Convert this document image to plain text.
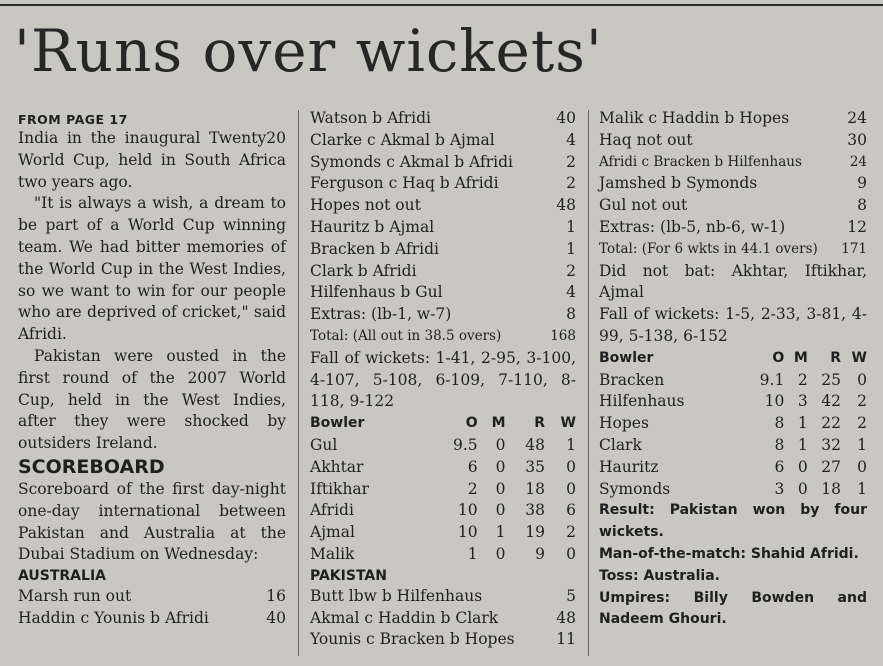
'Runs over wickets'
FROM PAGE 17

India in the inaugural Twenty20 World Cup, held in South Africa two years ago.

"It is always a wish, a dream to be part of a World Cup winning team. We had bitter memories of the World Cup in the West Indies, so we want to win for our people who are deprived of cricket," said Afridi.

Pakistan were ousted in the first round of the 2007 World Cup, held in the West Indies, after they were shocked by outsiders Ireland.

SCOREBOARD

Scoreboard of the first day-night one-day international between Pakistan and Australia at the Dubai Stadium on Wednesday:

AUSTRALIA
Marsh run out	16
Haddin c Younis b Afridi	40
Watson b Afridi	40
Clarke c Akmal b Ajmal	4
Symonds c Akmal b Afridi	2
Ferguson c Haq b Afridi	2
Hopes not out	48
Hauritz b Ajmal	1
Bracken b Afridi	1
Clark b Afridi	2
Hilfenhaus b Gul	4
Extras: (lb-1, w-7)	8
Total: (All out in 38.5 overs)	168

Fall of wickets: 1-41, 2-95, 3-100, 4-107, 5-108, 6-109, 7-110, 8-118, 9-122

Bowler	O	M	R	W
Gul	9.5	0	48	1
Akhtar	6	0	35	0
Iftikhar	2	0	18	0
Afridi	10	0	38	6
Ajmal	10	1	19	2
Malik	1	0	9	0
PAKISTAN
Butt lbw b Hilfenhaus	5
Akmal c Haddin b Clark	48
Younis c Bracken b Hopes	11
Malik c Haddin b Hopes	24
Haq not out	30
Afridi c Bracken b Hilfenhaus	24
Jamshed b Symonds	9
Gul not out	8
Extras: (lb-5, nb-6, w-1)	12
Total: (For 6 wkts in 44.1 overs) 171

Did not bat: Akhtar, Iftikhar, Ajmal

Fall of wickets: 1-5, 2-33, 3-81, 4-99, 5-138, 6-152

Bowler	O	M	R	W
Bracken	9.1	2	25	0
Hilfenhaus	10	3	42	2
Hopes	8	1	22	2
Clark	8	1	32	1
Hauritz	6	0	27	0
Symonds	3	0	18	1
Result: Pakistan won by four wickets.
Man-of-the-match: Shahid Afridi.
Toss: Australia.
Umpires: Billy Bowden and Nadeem Ghouri.
